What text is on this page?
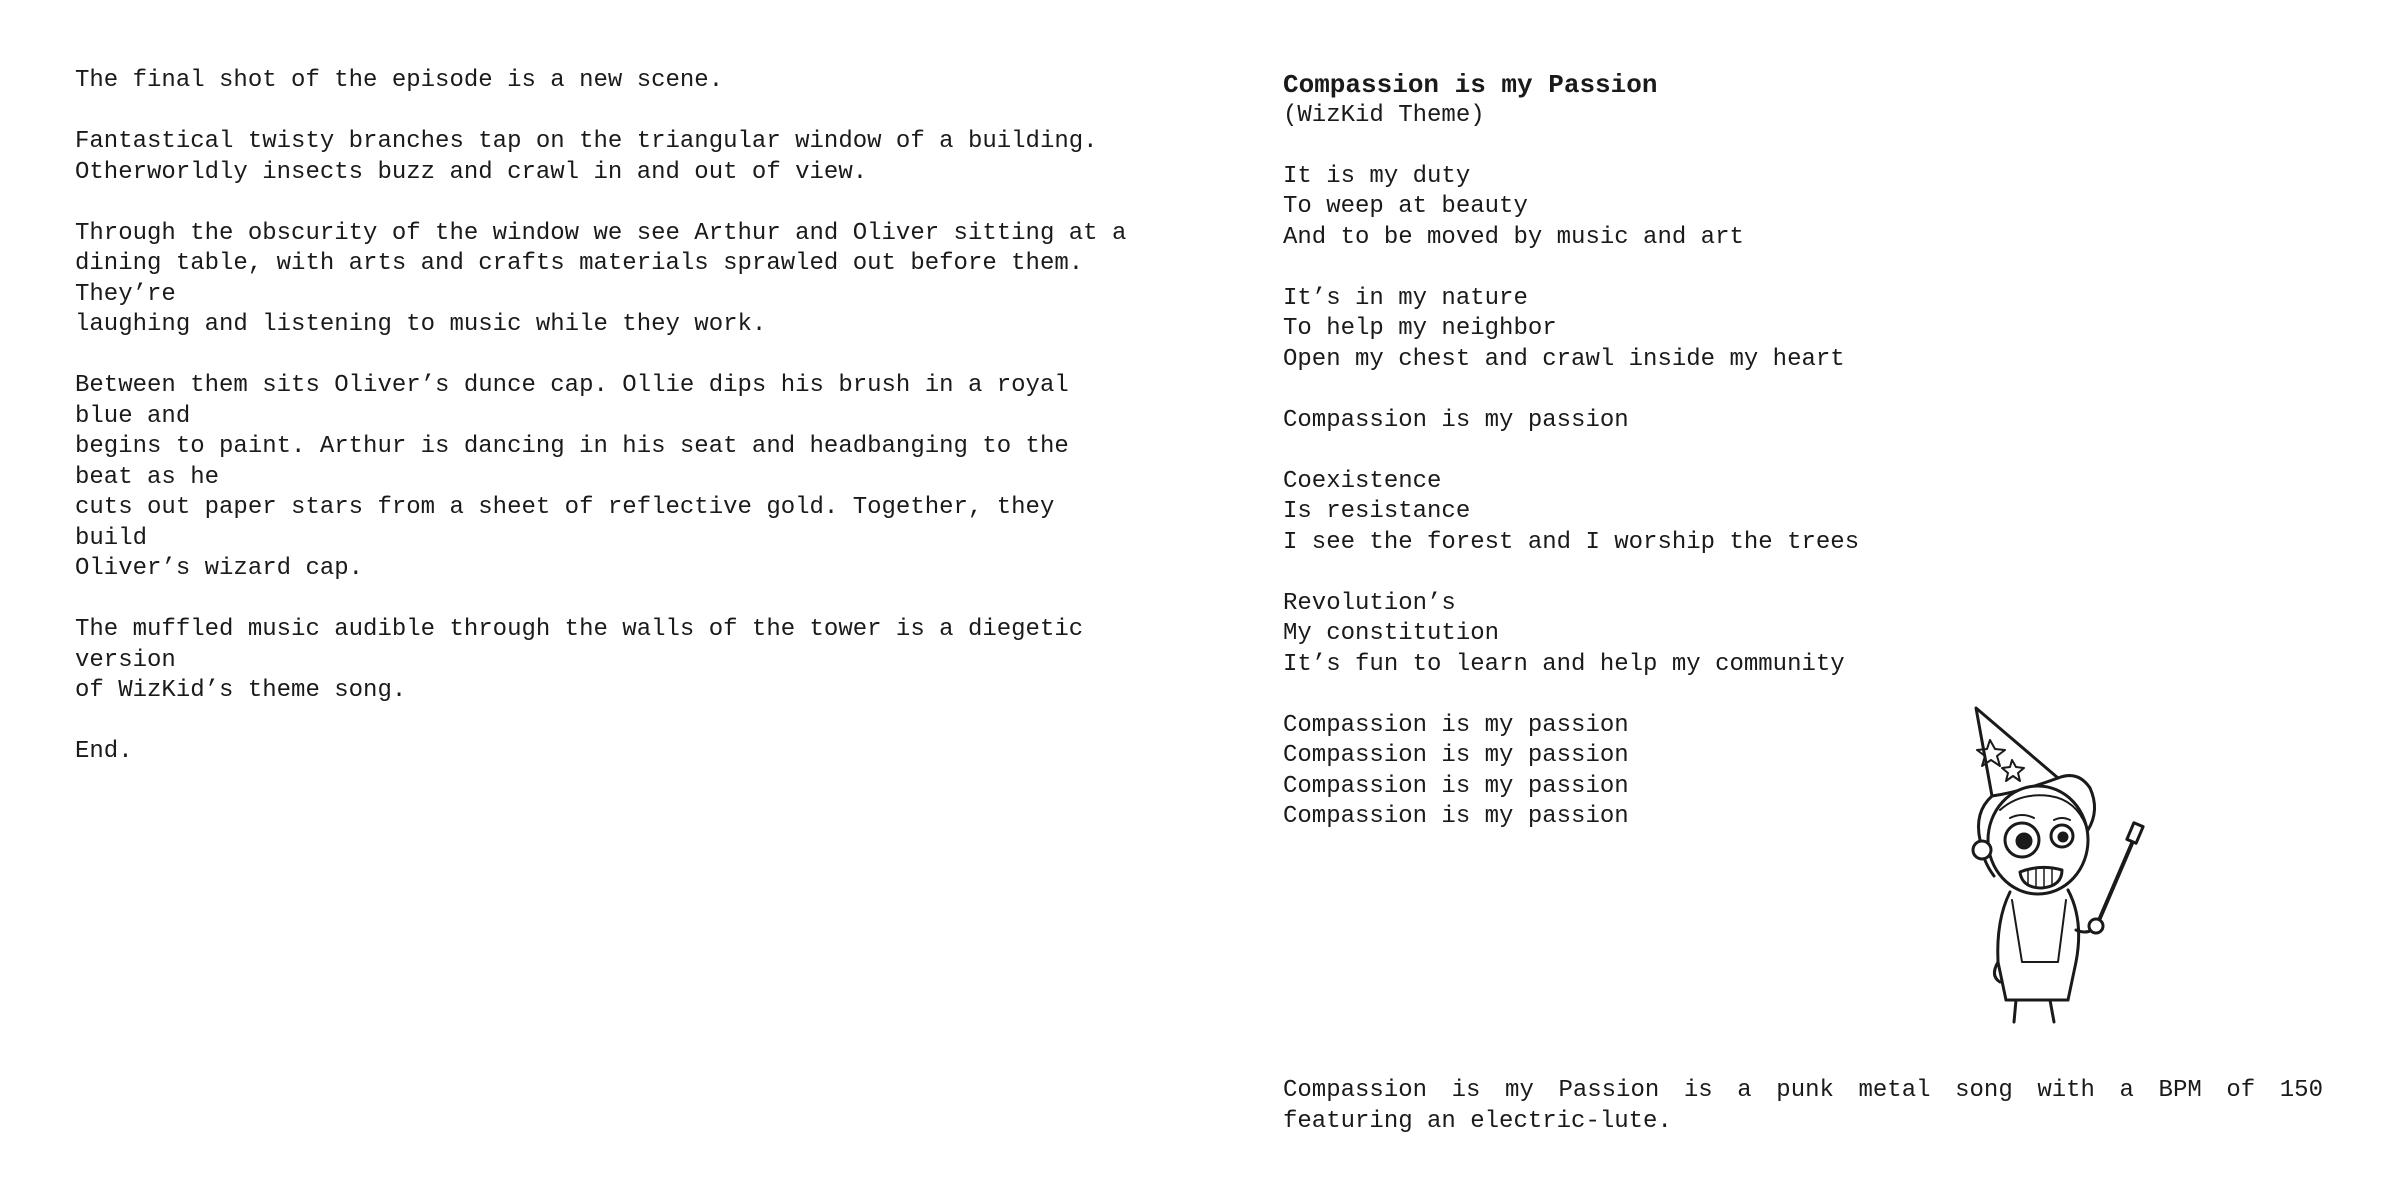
The final shot of the episode is a new scene.

Fantastical twisty branches tap on the triangular window of a building.
Otherworldly insects buzz and crawl in and out of view.

Through the obscurity of the window we see Arthur and Oliver sitting at a
dining table, with arts and crafts materials sprawled out before them. They’re
laughing and listening to music while they work.

Between them sits Oliver’s dunce cap. Ollie dips his brush in a royal blue and
begins to paint. Arthur is dancing in his seat and headbanging to the beat as he
cuts out paper stars from a sheet of reflective gold. Together, they build
Oliver’s wizard cap.

The muffled music audible through the walls of the tower is a diegetic version
of WizKid’s theme song.

End.

Compassion is my Passion
(WizKid Theme)
It is my duty
To weep at beauty
And to be moved by music and art
It’s in my nature
To help my neighbor
Open my chest and crawl inside my heart
Compassion is my passion
Coexistence
Is resistance
I see the forest and I worship the trees
Revolution’s
My constitution
It’s fun to learn and help my community
Compassion is my passion
Compassion is my passion
Compassion is my passion
Compassion is my passion
Compassion is my Passion is a punk metal song with a BPM of 150 featuring an electric-lute.
